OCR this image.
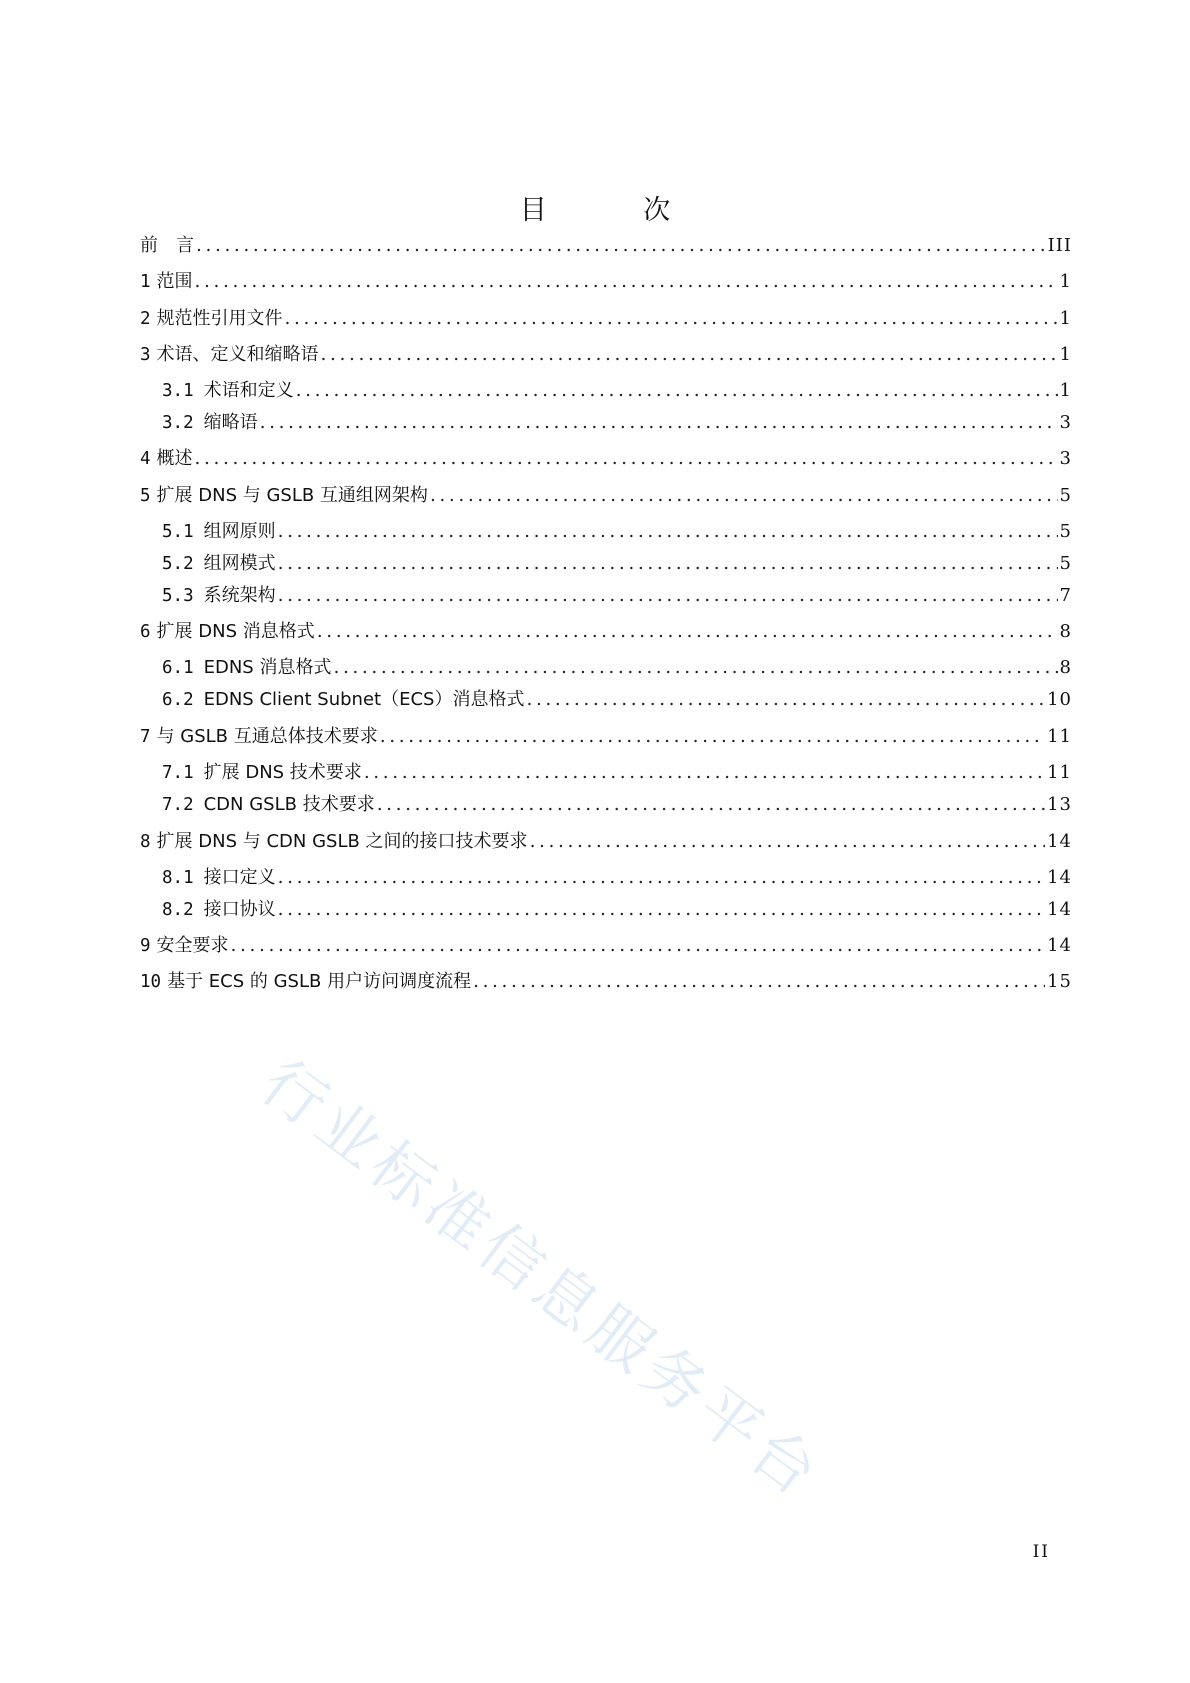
目 次
前　言 .....	III
1 范围 .....	1
2 规范性引用文件 .....	1
3 术语、定义和缩略语 .....	1
3.1 术语和定义 .....	1
3.2 缩略语 .....	3
4 概述 .....	3
5 扩展 DNS 与 GSLB 互通组网架构 .....	5
5.1 组网原则 .....	5
5.2 组网模式 .....	5
5.3 系统架构 .....	7
6 扩展 DNS 消息格式 .....	8
6.1 EDNS 消息格式 .....	8
6.2 EDNS Client Subnet（ECS）消息格式 .....	10
7 与 GSLB 互通总体技术要求 .....	11
7.1 扩展 DNS 技术要求 .....	11
7.2 CDN GSLB 技术要求 .....	13
8 扩展 DNS 与 CDN GSLB 之间的接口技术要求 .....	14
8.1 接口定义 .....	14
8.2 接口协议 .....	14
9 安全要求 .....	14
10 基于 ECS 的 GSLB 用户访问调度流程 .....	15
行业标准信息服务平台
II
